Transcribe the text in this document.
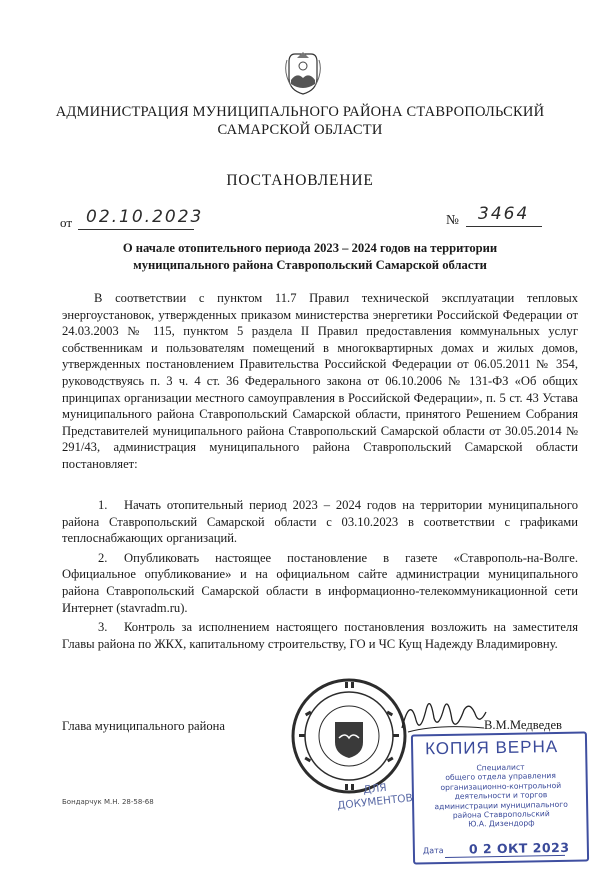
АДМИНИСТРАЦИЯ МУНИЦИПАЛЬНОГО РАЙОНА СТАВРОПОЛЬСКИЙ
САМАРСКОЙ ОБЛАСТИ
ПОСТАНОВЛЕНИЕ
от 02.10.2023	№ 3464
О начале отопительного периода 2023 – 2024 годов на территории
муниципального района Ставропольский Самарской области
В соответствии с пунктом 11.7 Правил технической эксплуатации тепловых энергоустановок, утвержденных приказом министерства энергетики Российской Федерации от 24.03.2003 № 115, пунктом 5 раздела II Правил предоставления коммунальных услуг собственникам и пользователям помещений в многоквартирных домах и жилых домов, утвержденных постановлением Правительства Российской Федерации от 06.05.2011 № 354, руководствуясь п. 3 ч. 4 ст. 36 Федерального закона от 06.10.2006 № 131-ФЗ «Об общих принципах организации местного самоуправления в Российской Федерации», п. 5 ст. 43 Устава муниципального района Ставропольский Самарской области, принятого Решением Собрания Представителей муниципального района Ставропольский Самарской области от 30.05.2014 № 291/43, администрация муниципального района Ставропольский Самарской области постановляет:
1. Начать отопительный период 2023 – 2024 годов на территории муниципального района Ставропольский Самарской области с 03.10.2023 в соответствии с графиками теплоснабжающих организаций.
2. Опубликовать настоящее постановление в газете «Ставрополь-на-Волге. Официальное опубликование» и на официальном сайте администрации муниципального района Ставропольский Самарской области в информационно-телекоммуникационной сети Интернет (stavradm.ru).
3. Контроль за исполнением настоящего постановления возложить на заместителя Главы района по ЖКХ, капитальному строительству, ГО и ЧС Кущ Надежду Владимировну.
Глава муниципального района	В.М.Медведев
ДЛЯ
ДОКУМЕНТОВ
КОПИЯ ВЕРНА
Специалист
общего отдела управления
организационно-контрольной
деятельности и торгов
администрации муниципального
района Ставропольский
Ю.А. Дизендорф
Дата 0 2 ОКТ 2023
Бондарчук М.Н. 28-58-68
